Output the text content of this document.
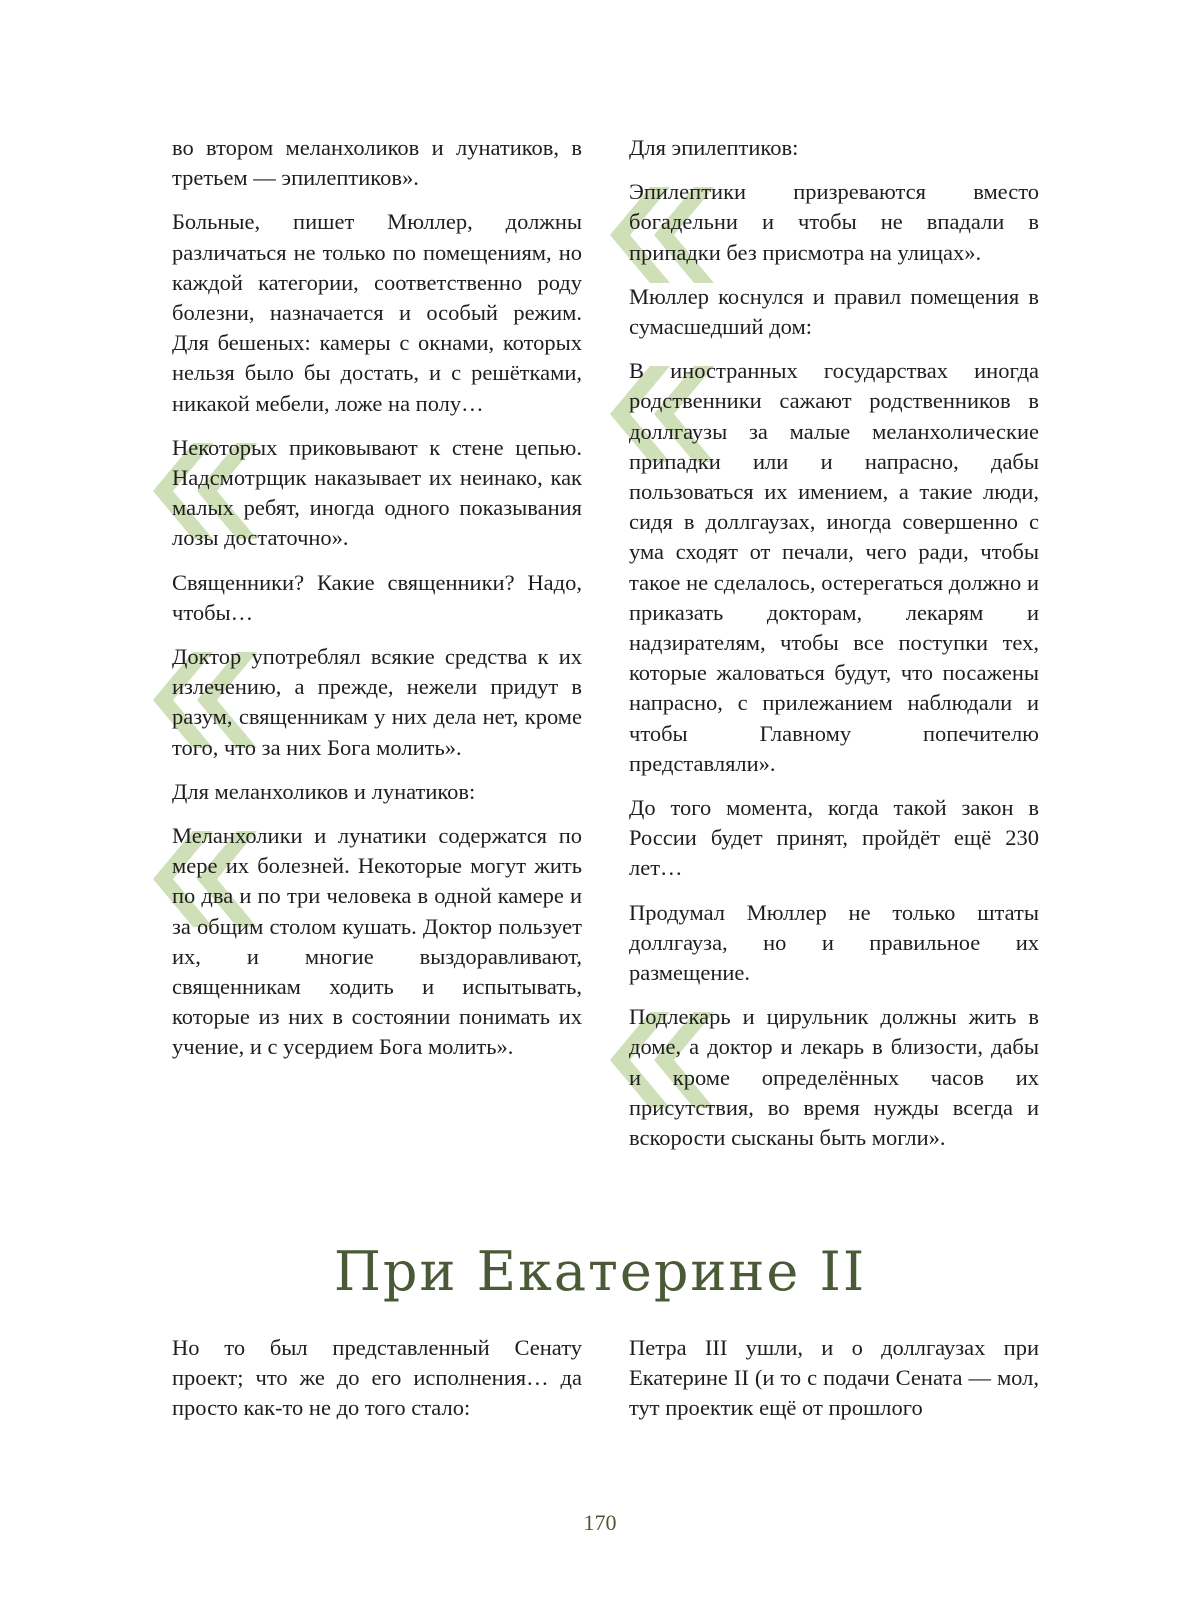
во втором меланхоликов и лунатиков, в третьем — эпилептиков».

Больные, пишет Мюллер, должны различаться не только по помещениям, но каждой категории, соответственно роду болезни, назначается и особый режим. Для бешеных: камеры с окнами, которых нельзя было бы достать, и с решётками, никакой мебели, ложе на полу…

Некоторых приковывают к стене цепью. Надсмотрщик наказывает их неинако, как малых ребят, иногда одного показывания лозы достаточно».

Священники? Какие священники? Надо, чтобы…

Доктор употреблял всякие средства к их излечению, а прежде, нежели придут в разум, священникам у них дела нет, кроме того, что за них Бога молить».

Для меланхоликов и лунатиков:

Меланхолики и лунатики содержатся по мере их болезней. Некоторые могут жить по два и по три человека в одной камере и за общим столом кушать. Доктор пользует их, и многие выздоравливают, священникам ходить и испытывать, которые из них в состоянии понимать их учение, и с усердием Бога молить».

Для эпилептиков:

Эпилептики призреваются вместо богадельни и чтобы не впадали в припадки без присмотра на улицах».

Мюллер коснулся и правил помещения в сумасшедший дом:

В иностранных государствах иногда родственники сажают родственников в доллгаузы за малые меланхолические припадки или и напрасно, дабы пользоваться их имением, а такие люди, сидя в доллгаузах, иногда совершенно с ума сходят от печали, чего ради, чтобы такое не сделалось, остерегаться должно и приказать докторам, лекарям и надзирателям, чтобы все поступки тех, которые жаловаться будут, что посажены напрасно, с прилежанием наблюдали и чтобы Главному попечителю представляли».

До того момента, когда такой закон в России будет принят, пройдёт ещё 230 лет…

Продумал Мюллер не только штаты доллгауза, но и правильное их размещение.

Подлекарь и цирульник должны жить в доме, а доктор и лекарь в близости, дабы и кроме определённых часов их присутствия, во время нужды всегда и вскорости сысканы быть могли».

При Екатерине II

Но то был представленный Сенату проект; что же до его исполнения… да просто как-то не до того стало:

Петра III ушли, и о доллгаузах при Екатерине II (и то с подачи Сената — мол, тут проектик ещё от прошлого

170
